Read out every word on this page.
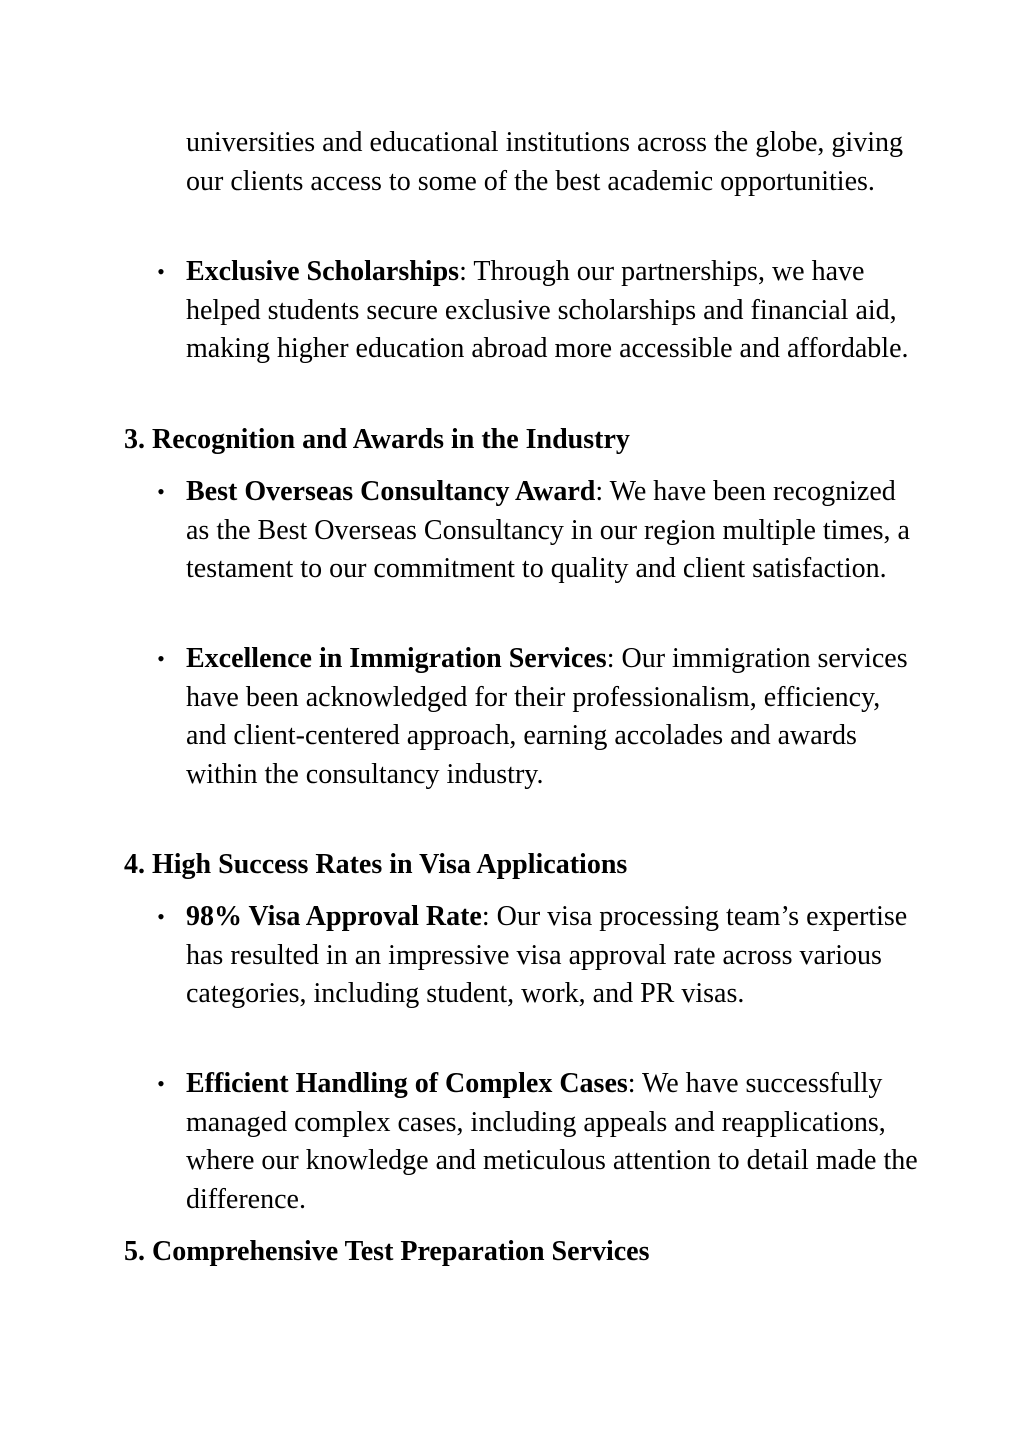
universities and educational institutions across the globe, giving our clients access to some of the best academic opportunities.

• Exclusive Scholarships: Through our partnerships, we have helped students secure exclusive scholarships and financial aid, making higher education abroad more accessible and affordable.

3. Recognition and Awards in the Industry

• Best Overseas Consultancy Award: We have been recognized as the Best Overseas Consultancy in our region multiple times, a testament to our commitment to quality and client satisfaction.

• Excellence in Immigration Services: Our immigration services have been acknowledged for their professionalism, efficiency, and client-centered approach, earning accolades and awards within the consultancy industry.

4. High Success Rates in Visa Applications

• 98% Visa Approval Rate: Our visa processing team’s expertise has resulted in an impressive visa approval rate across various categories, including student, work, and PR visas.

• Efficient Handling of Complex Cases: We have successfully managed complex cases, including appeals and reapplications, where our knowledge and meticulous attention to detail made the difference.

5. Comprehensive Test Preparation Services
